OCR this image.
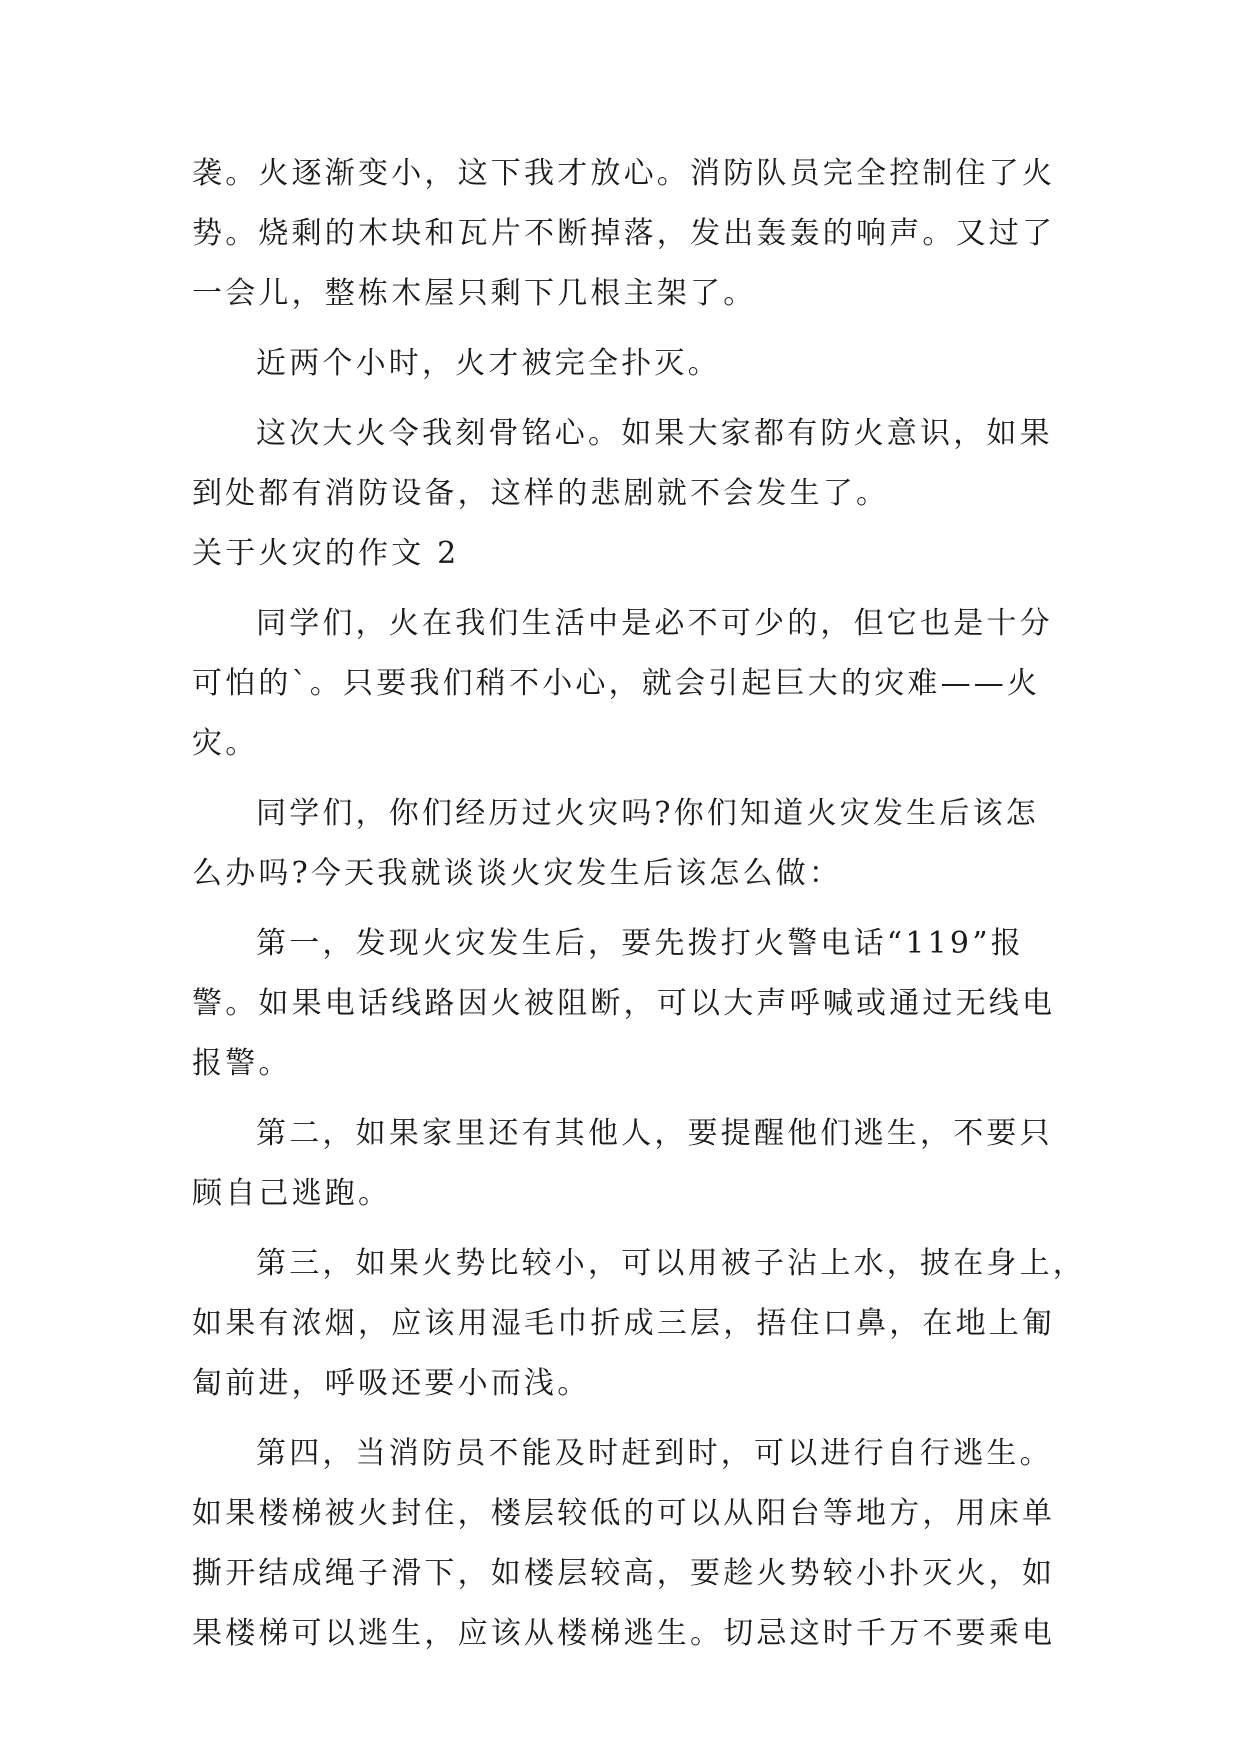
袭。火逐渐变小，这下我才放心。消防队员完全控制住了火
势。烧剩的木块和瓦片不断掉落，发出轰轰的响声。又过了
一会儿，整栋木屋只剩下几根主架了。
近两个小时，火才被完全扑灭。
这次大火令我刻骨铭心。如果大家都有防火意识，如果
到处都有消防设备，这样的悲剧就不会发生了。
关于火灾的作文 2
同学们，火在我们生活中是必不可少的，但它也是十分
可怕的`。只要我们稍不小心，就会引起巨大的灾难——火
灾。
同学们，你们经历过火灾吗?你们知道火灾发生后该怎
么办吗?今天我就谈谈火灾发生后该怎么做：
第一，发现火灾发生后，要先拨打火警电话“119”报
警。如果电话线路因火被阻断，可以大声呼喊或通过无线电
报警。
第二，如果家里还有其他人，要提醒他们逃生，不要只
顾自己逃跑。
第三，如果火势比较小，可以用被子沾上水，披在身上，
如果有浓烟，应该用湿毛巾折成三层，捂住口鼻，在地上匍
匐前进，呼吸还要小而浅。
第四，当消防员不能及时赶到时，可以进行自行逃生。
如果楼梯被火封住，楼层较低的可以从阳台等地方，用床单
撕开结成绳子滑下，如楼层较高，要趁火势较小扑灭火，如
果楼梯可以逃生，应该从楼梯逃生。切忌这时千万不要乘电
